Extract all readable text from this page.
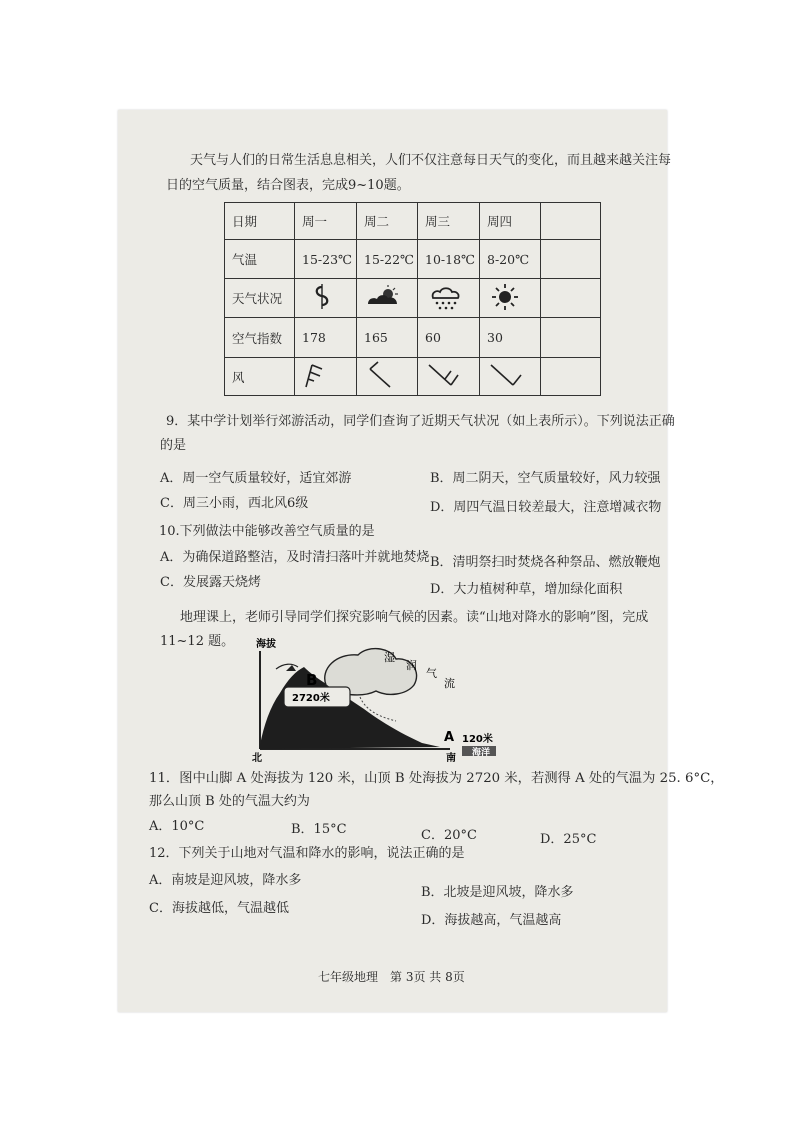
天气与人们的日常生活息息相关，人们不仅注意每日天气的变化，而且越来越关注每
日的空气质量，结合图表，完成9~10题。
日期	周一	周二	周三	周四	
气温	15-23℃	15-22℃	10-18℃	8-20℃	
天气状况					
空气指数	178	165	60	30	
风					
9．某中学计划举行郊游活动，同学们查询了近期天气状况（如上表所示）。下列说法正确
的是
A．周一空气质量较好，适宜郊游	B．周二阴天，空气质量较好，风力较强
C．周三小雨，西北风6级	D．周四气温日较差最大，注意增减衣物
10.下列做法中能够改善空气质量的是
A．为确保道路整洁，及时清扫落叶并就地焚烧 B．清明祭扫时焚烧各种祭品、燃放鞭炮
C．发展露天烧烤	D．大力植树种草，增加绿化面积
地理课上，老师引导同学们探究影响气候的因素。读“山地对降水的影响”图，完成
11~12 题。 海拔
湿
润
气
流
B
2720米
A 120米
海洋
北	南
11．图中山脚 A 处海拔为 120 米，山顶 B 处海拔为 2720 米，若测得 A 处的气温为 25. 6°C，
那么山顶 B 处的气温大约为
A．10°C	B．15°C	C．20°C	D．25°C
12．下列关于山地对气温和降水的影响，说法正确的是
A．南坡是迎风坡，降水多
B．北坡是迎风坡，降水多
C．海拔越低，气温越低
D．海拔越高，气温越高
七年级地理　第 3页 共 8页
